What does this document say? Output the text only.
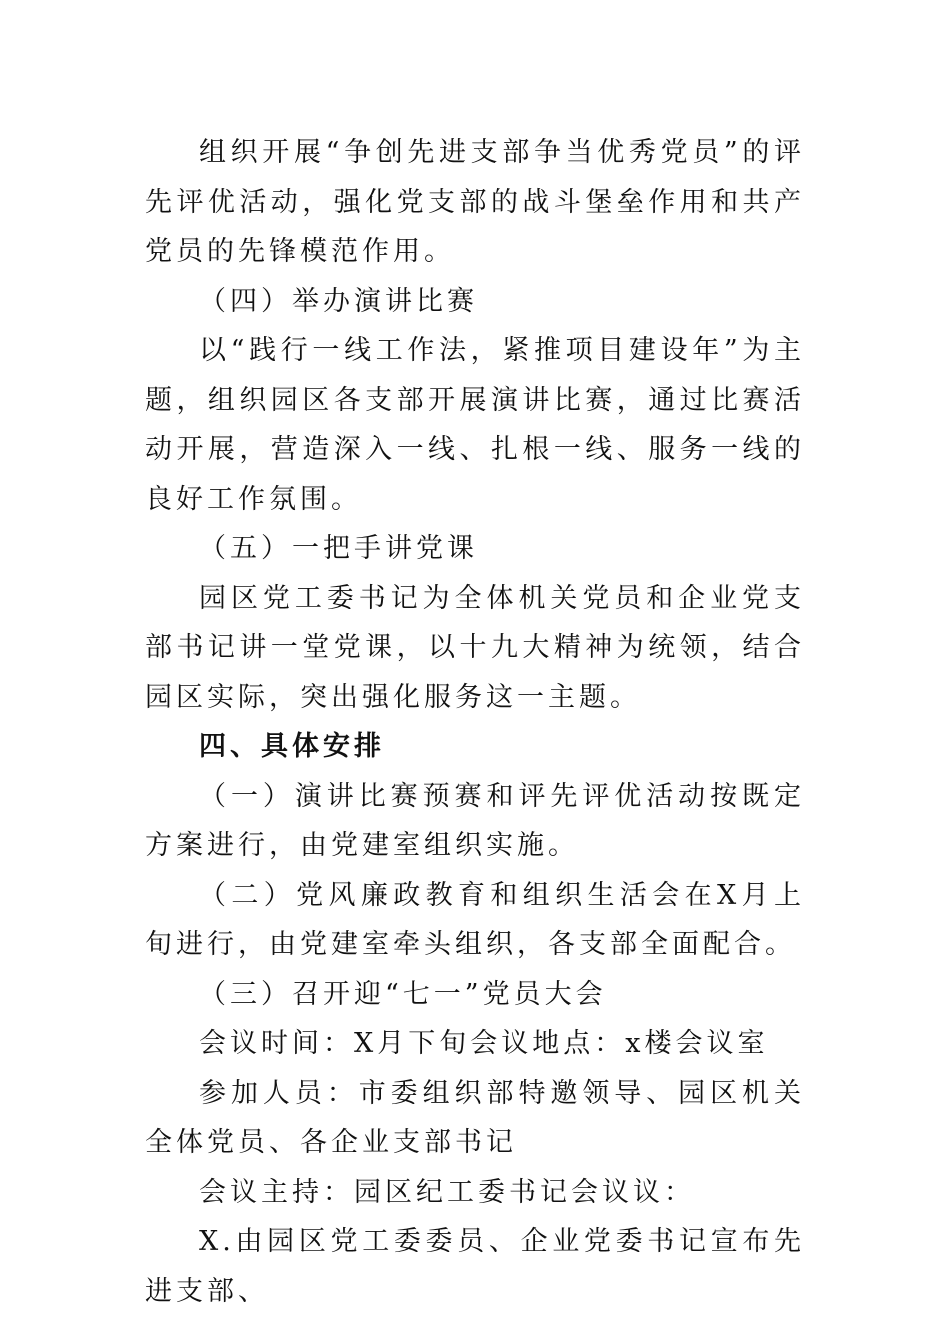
组织开展“争创先进支部争当优秀党员”的评先评优活动，强化党支部的战斗堡垒作用和共产党员的先锋模范作用。

（四）举办演讲比赛

以“践行一线工作法，紧推项目建设年”为主题，组织园区各支部开展演讲比赛，通过比赛活动开展，营造深入一线、扎根一线、服务一线的良好工作氛围。

（五）一把手讲党课

园区党工委书记为全体机关党员和企业党支部书记讲一堂党课，以十九大精神为统领，结合园区实际，突出强化服务这一主题。

四、具体安排

（一）演讲比赛预赛和评先评优活动按既定方案进行，由党建室组织实施。

（二）党风廉政教育和组织生活会在X月上旬进行，由党建室牵头组织，各支部全面配合。

（三）召开迎“七一”党员大会

会议时间：X月下旬会议地点：x楼会议室

参加人员：市委组织部特邀领导、园区机关全体党员、各企业支部书记

会议主持：园区纪工委书记会议议：

X.由园区党工委委员、企业党委书记宣布先进支部、
